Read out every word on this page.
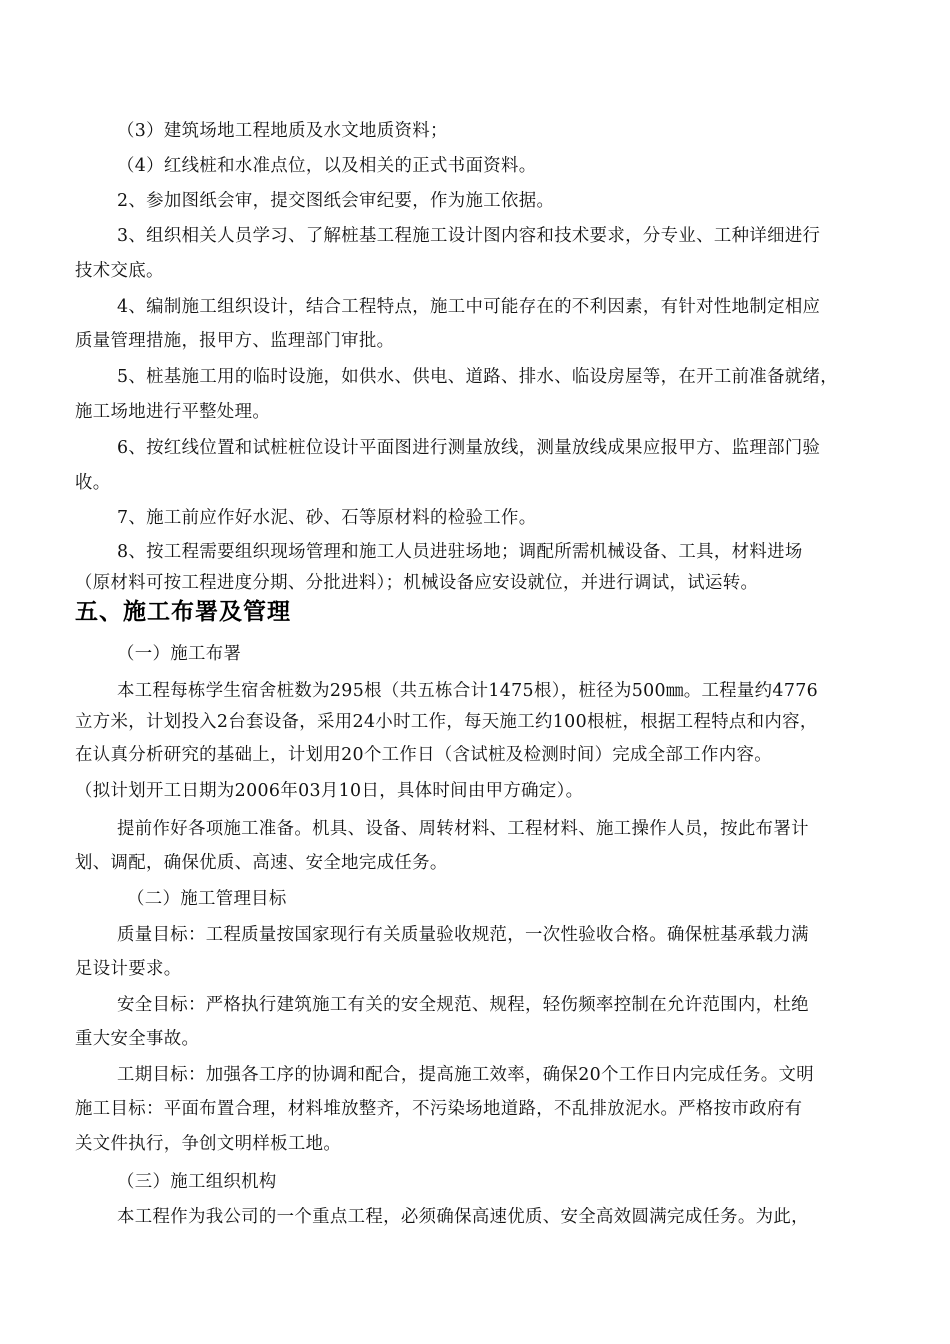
（3）建筑场地工程地质及水文地质资料；

（4）红线桩和水准点位，以及相关的正式书面资料。

2、参加图纸会审，提交图纸会审纪要，作为施工依据。

3、组织相关人员学习、了解桩基工程施工设计图内容和技术要求，分专业、工种详细进行

技术交底。

4、编制施工组织设计，结合工程特点，施工中可能存在的不利因素，有针对性地制定相应

质量管理措施，报甲方、监理部门审批。

5、桩基施工用的临时设施，如供水、供电、道路、排水、临设房屋等，在开工前准备就绪，

施工场地进行平整处理。

6、按红线位置和试桩桩位设计平面图进行测量放线，测量放线成果应报甲方、监理部门验

收。

7、施工前应作好水泥、砂、石等原材料的检验工作。

8、按工程需要组织现场管理和施工人员进驻场地；调配所需机械设备、工具，材料进场

（原材料可按工程进度分期、分批进料）；机械设备应安设就位，并进行调试，试运转。

五、施工布署及管理

（一）施工布署

本工程每栋学生宿舍桩数为295根（共五栋合计1475根），桩径为500㎜。工程量约4776

立方米，计划投入2台套设备，采用24小时工作，每天施工约100根桩，根据工程特点和内容，

在认真分析研究的基础上，计划用20个工作日（含试桩及检测时间）完成全部工作内容。

（拟计划开工日期为2006年03月10日，具体时间由甲方确定）。

提前作好各项施工准备。机具、设备、周转材料、工程材料、施工操作人员，按此布署计

划、调配，确保优质、高速、安全地完成任务。

（二）施工管理目标

质量目标：工程质量按国家现行有关质量验收规范，一次性验收合格。确保桩基承载力满

足设计要求。

安全目标：严格执行建筑施工有关的安全规范、规程，轻伤频率控制在允许范围内，杜绝

重大安全事故。

工期目标：加强各工序的协调和配合，提高施工效率，确保20个工作日内完成任务。文明

施工目标：平面布置合理，材料堆放整齐，不污染场地道路，不乱排放泥水。严格按市政府有

关文件执行，争创文明样板工地。

（三）施工组织机构

本工程作为我公司的一个重点工程，必须确保高速优质、安全高效圆满完成任务。为此，
